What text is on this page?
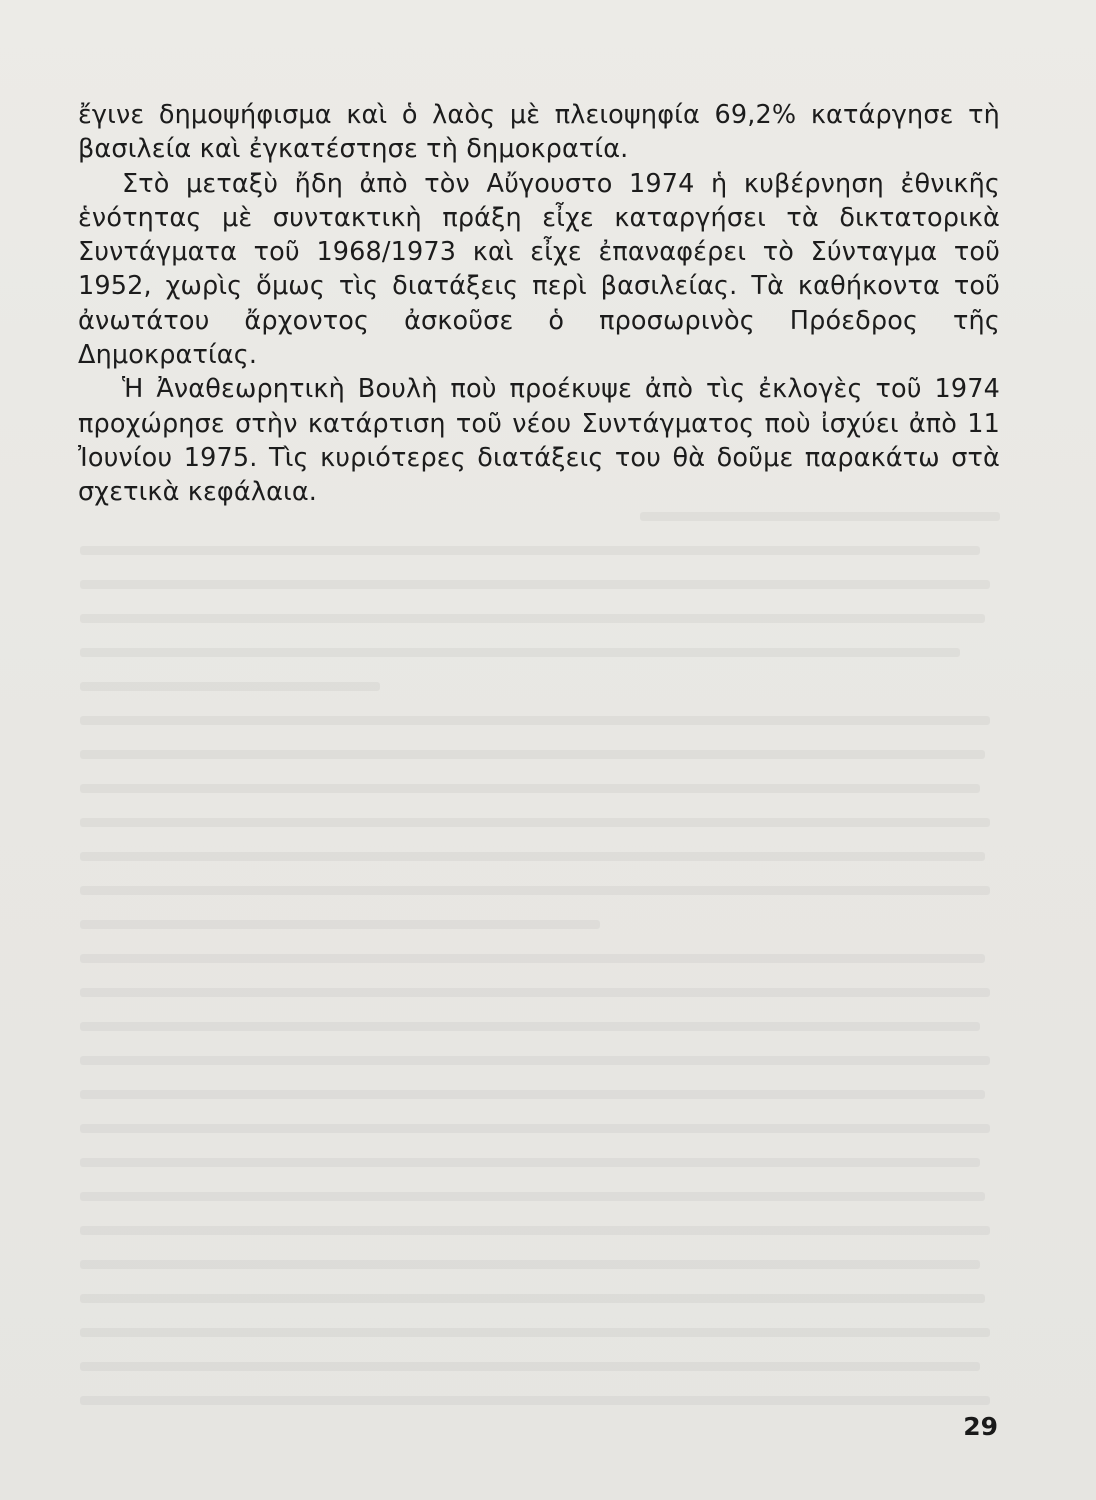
ἔγινε δημοψήφισμα καὶ ὁ λαὸς μὲ πλειοψηφία 69,2% κατάργησε τὴ βασιλεία καὶ ἐγκατέστησε τὴ δημοκρατία.

Στὸ μεταξὺ ἤδη ἀπὸ τὸν Αὔγουστο 1974 ἡ κυβέρνηση ἐθνικῆς ἑνότητας μὲ συντακτικὴ πράξη εἶχε καταργήσει τὰ δικτατορικὰ Συντάγματα τοῦ 1968/1973 καὶ εἶχε ἐπαναφέρει τὸ Σύνταγμα τοῦ 1952, χωρὶς ὅμως τὶς διατάξεις περὶ βασιλείας. Τὰ καθήκοντα τοῦ ἀνωτάτου ἄρχοντος ἀσκοῦσε ὁ προσωρινὸς Πρόεδρος τῆς Δημοκρατίας.

Ἡ Ἀναθεωρητικὴ Βουλὴ ποὺ προέκυψε ἀπὸ τὶς ἐκλογὲς τοῦ 1974 προχώρησε στὴν κατάρτιση τοῦ νέου Συντάγματος ποὺ ἰσχύει ἀπὸ 11 Ἰουνίου 1975. Τὶς κυριότερες διατάξεις του θὰ δοῦμε παρακάτω στὰ σχετικὰ κεφάλαια.

29
